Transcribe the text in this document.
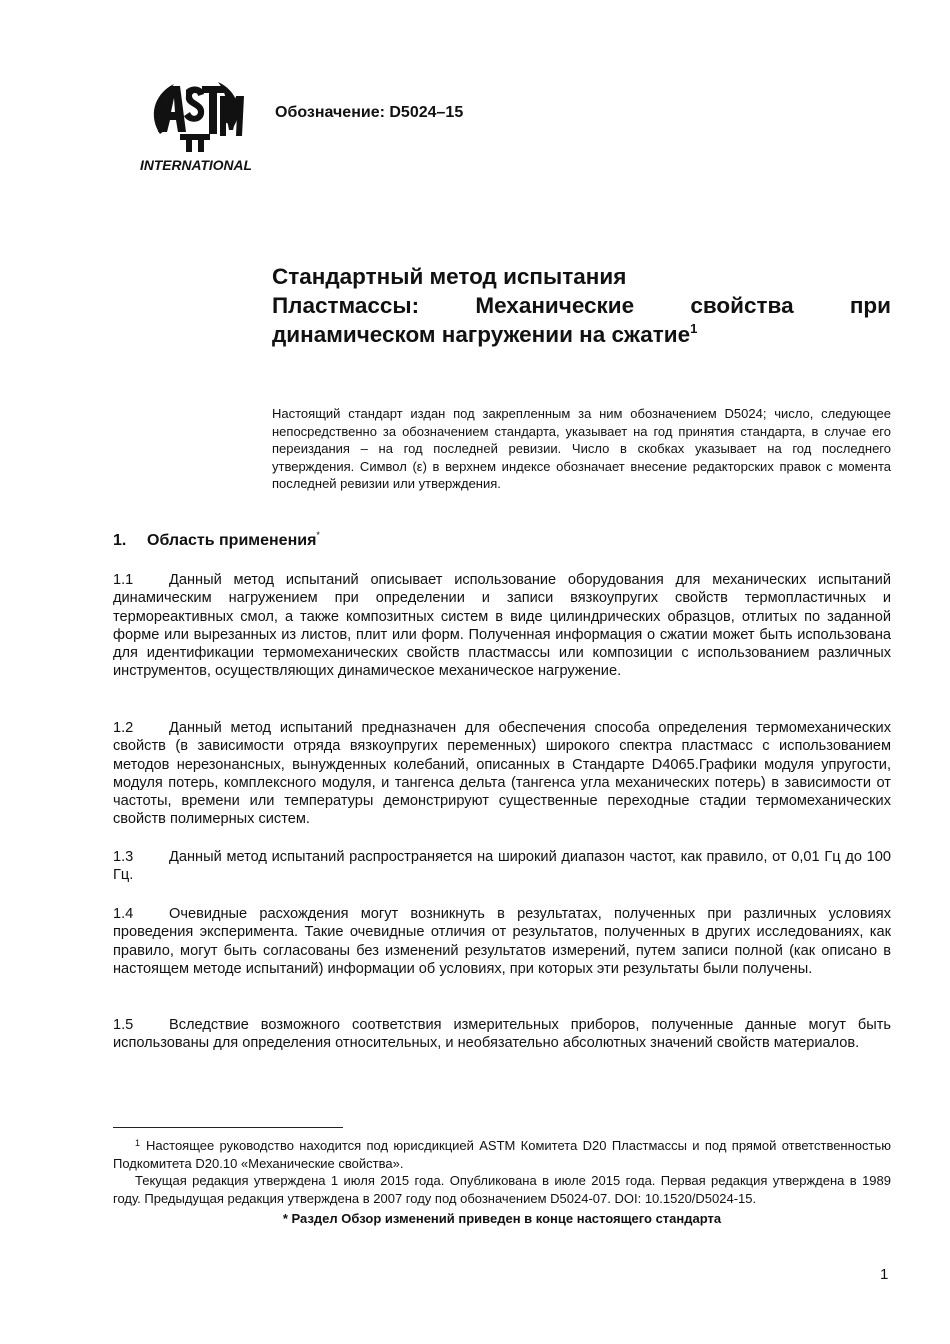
INTERNATIONAL
Обозначение: D5024–15
Стандартный метод испытания
Пластмассы: Механические свойства при
динамическом нагружении на сжатие$^1$
Настоящий стандарт издан под закрепленным за ним обозначением D5024; число, следующее непосредственно за обозначением стандарта, указывает на год принятия стандарта, в случае его переиздания – на год последней ревизии. Число в скобках указывает на год последнего утверждения. Символ (ε) в верхнем индексе обозначает внесение редакторских правок с момента последней ревизии или утверждения.
1. Область применения*

1.1 Данный метод испытаний описывает использование оборудования для механических испытаний динамическим нагружением при определении и записи вязкоупругих свойств термопластичных и термореактивных смол, а также композитных систем в виде цилиндрических образцов, отлитых по заданной форме или вырезанных из листов, плит или форм. Полученная информация о сжатии может быть использована для идентификации термомеханических свойств пластмассы или композиции с использованием различных инструментов, осуществляющих динамическое механическое нагружение.

1.2 Данный метод испытаний предназначен для обеспечения способа определения термомеханических свойств (в зависимости отряда вязкоупругих переменных) широкого спектра пластмасс с использованием методов нерезонансных, вынужденных колебаний, описанных в Стандарте D4065.Графики модуля упругости, модуля потерь, комплексного модуля, и тангенса дельта (тангенса угла механических потерь) в зависимости от частоты, времени или температуры демонстрируют существенные переходные стадии термомеханических свойств полимерных систем.

1.3 Данный метод испытаний распространяется на широкий диапазон частот, как правило, от 0,01 Гц до 100 Гц.

1.4 Очевидные расхождения могут возникнуть в результатах, полученных при различных условиях проведения эксперимента. Такие очевидные отличия от результатов, полученных в других исследованиях, как правило, могут быть согласованы без изменений результатов измерений, путем записи полной (как описано в настоящем методе испытаний) информации об условиях, при которых эти результаты были получены.

1.5 Вследствие возможного соответствия измерительных приборов, полученные данные могут быть использованы для определения относительных, и необязательно абсолютных значений свойств материалов.

$^1$ Настоящее руководство находится под юрисдикцией ASTM Комитета D20 Пластмассы и под прямой ответственностью Подкомитета D20.10 «Механические свойства».

Текущая редакция утверждена 1 июля 2015 года. Опубликована в июле 2015 года. Первая редакция утверждена в 1989 году. Предыдущая редакция утверждена в 2007 году под обозначением D5024-07. DOI: 10.1520/D5024-15.

* Раздел Обзор изменений приведен в конце настоящего стандарта

1
